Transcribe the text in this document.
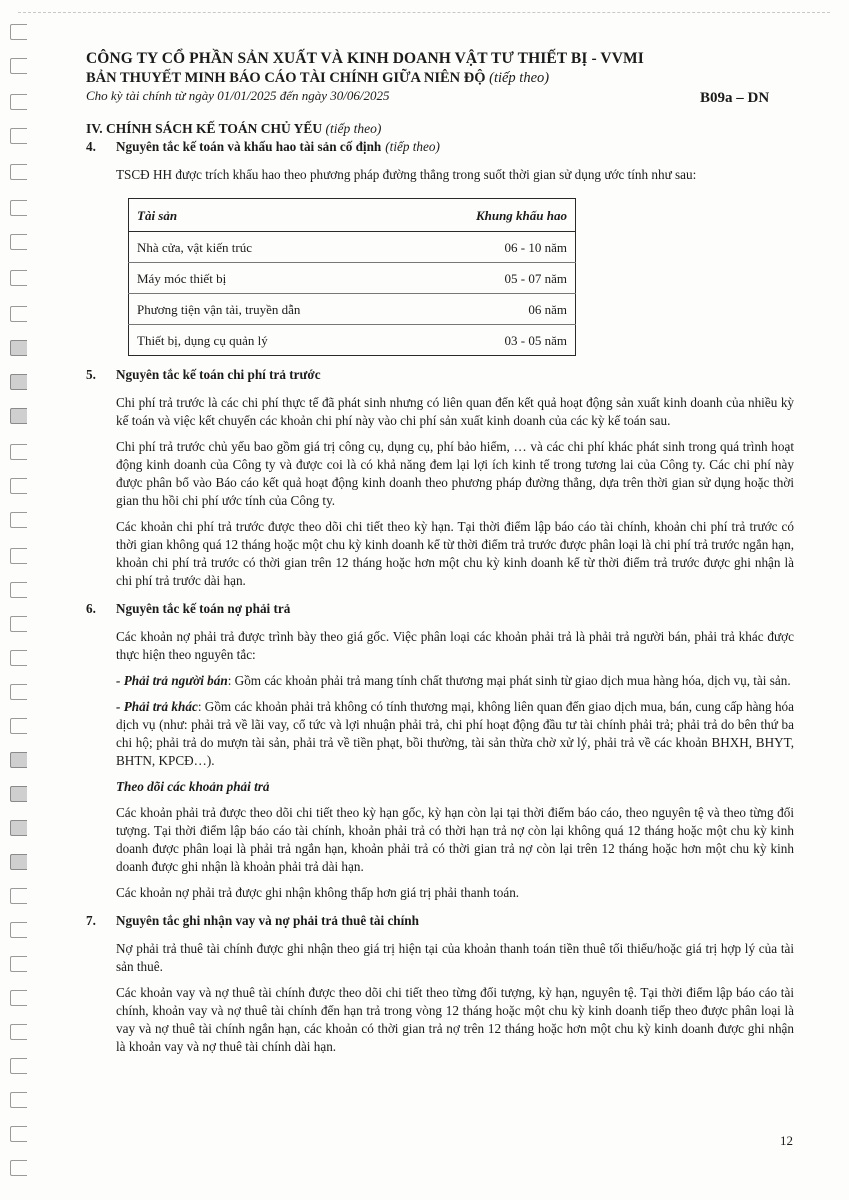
CÔNG TY CỔ PHẦN SẢN XUẤT VÀ KINH DOANH VẬT TƯ THIẾT BỊ - VVMI
BẢN THUYẾT MINH BÁO CÁO TÀI CHÍNH GIỮA NIÊN ĐỘ (tiếp theo)
Cho kỳ tài chính từ ngày 01/01/2025 đến ngày 30/06/2025	B09a – DN
IV. CHÍNH SÁCH KẾ TOÁN CHỦ YẾU (tiếp theo)
4.	Nguyên tắc kế toán và khấu hao tài sản cố định (tiếp theo)
TSCĐ HH được trích khấu hao theo phương pháp đường thẳng trong suốt thời gian sử dụng ước tính như sau:
Tài sản	Khung khấu hao
Nhà cửa, vật kiến trúc	06 - 10 năm
Máy móc thiết bị	05 - 07 năm
Phương tiện vận tải, truyền dẫn	06 năm
Thiết bị, dụng cụ quản lý	03 - 05 năm
5.	Nguyên tắc kế toán chi phí trả trước
Chi phí trả trước là các chi phí thực tế đã phát sinh nhưng có liên quan đến kết quả hoạt động sản xuất kinh doanh của nhiều kỳ kế toán và việc kết chuyển các khoản chi phí này vào chi phí sản xuất kinh doanh của các kỳ kế toán sau.
Chi phí trả trước chủ yếu bao gồm giá trị công cụ, dụng cụ, phí bảo hiểm, … và các chi phí khác phát sinh trong quá trình hoạt động kinh doanh của Công ty và được coi là có khả năng đem lại lợi ích kinh tế trong tương lai của Công ty. Các chi phí này được phân bổ vào Báo cáo kết quả hoạt động kinh doanh theo phương pháp đường thẳng, dựa trên thời gian sử dụng hoặc thời gian thu hồi chi phí ước tính của Công ty.
Các khoản chi phí trả trước được theo dõi chi tiết theo kỳ hạn. Tại thời điểm lập báo cáo tài chính, khoản chi phí trả trước có thời gian không quá 12 tháng hoặc một chu kỳ kinh doanh kể từ thời điểm trả trước được phân loại là chi phí trả trước ngắn hạn, khoản chi phí trả trước có thời gian trên 12 tháng hoặc hơn một chu kỳ kinh doanh kể từ thời điểm trả trước được ghi nhận là chi phí trả trước dài hạn.
6.	Nguyên tắc kế toán nợ phải trả
Các khoản nợ phải trả được trình bày theo giá gốc. Việc phân loại các khoản phải trả là phải trả người bán, phải trả khác được thực hiện theo nguyên tắc:
- Phải trả người bán: Gồm các khoản phải trả mang tính chất thương mại phát sinh từ giao dịch mua hàng hóa, dịch vụ, tài sản.
- Phải trả khác: Gồm các khoản phải trả không có tính thương mại, không liên quan đến giao dịch mua, bán, cung cấp hàng hóa dịch vụ (như: phải trả về lãi vay, cổ tức và lợi nhuận phải trả, chi phí hoạt động đầu tư tài chính phải trả; phải trả do bên thứ ba chi hộ; phải trả do mượn tài sản, phải trả về tiền phạt, bồi thường, tài sản thừa chờ xử lý, phải trả về các khoản BHXH, BHYT, BHTN, KPCĐ…).
Theo dõi các khoản phải trả
Các khoản phải trả được theo dõi chi tiết theo kỳ hạn gốc, kỳ hạn còn lại tại thời điểm báo cáo, theo nguyên tệ và theo từng đối tượng. Tại thời điểm lập báo cáo tài chính, khoản phải trả có thời hạn trả nợ còn lại không quá 12 tháng hoặc một chu kỳ kinh doanh được phân loại là phải trả ngắn hạn, khoản phải trả có thời gian trả nợ còn lại trên 12 tháng hoặc hơn một chu kỳ kinh doanh được ghi nhận là khoản phải trả dài hạn.
Các khoản nợ phải trả được ghi nhận không thấp hơn giá trị phải thanh toán.
7.	Nguyên tắc ghi nhận vay và nợ phải trả thuê tài chính
Nợ phải trả thuê tài chính được ghi nhận theo giá trị hiện tại của khoản thanh toán tiền thuê tối thiểu/hoặc giá trị hợp lý của tài sản thuê.
Các khoản vay và nợ thuê tài chính được theo dõi chi tiết theo từng đối tượng, kỳ hạn, nguyên tệ. Tại thời điểm lập báo cáo tài chính, khoản vay và nợ thuê tài chính đến hạn trả trong vòng 12 tháng hoặc một chu kỳ kinh doanh tiếp theo được phân loại là vay và nợ thuê tài chính ngắn hạn, các khoản có thời gian trả nợ trên 12 tháng hoặc hơn một chu kỳ kinh doanh được ghi nhận là khoản vay và nợ thuê tài chính dài hạn.
12
